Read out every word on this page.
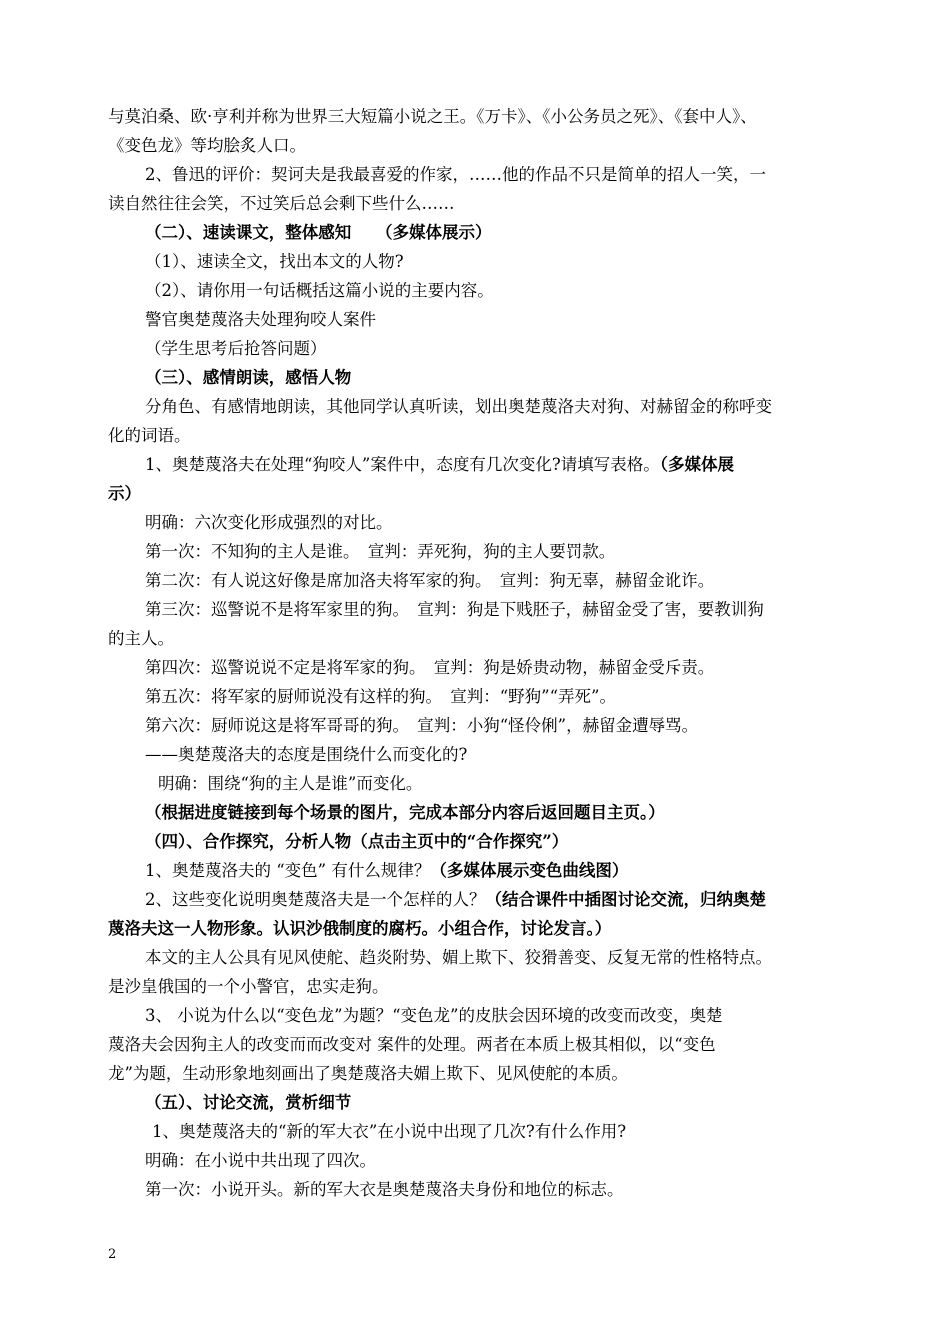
与莫泊桑、欧·亨利并称为世界三大短篇小说之王。《万卡》、《小公务员之死》、《套中人》、
《变色龙》等均脍炙人口。
2、鲁迅的评价：契诃夫是我最喜爱的作家，……他的作品不只是简单的招人一笑，一
读自然往往会笑，不过笑后总会剩下些什么……
（二）、速读课文，整体感知　　（多媒体展示）
（1）、速读全文，找出本文的人物?
（2）、请你用一句话概括这篇小说的主要内容。
警官奥楚蔑洛夫处理狗咬人案件
（学生思考后抢答问题）
（三）、感情朗读，感悟人物
分角色、有感情地朗读，其他同学认真听读，划出奥楚蔑洛夫对狗、对赫留金的称呼变
化的词语。
1、奥楚蔑洛夫在处理“狗咬人”案件中，态度有几次变化?请填写表格。（多媒体展
示）
明确：六次变化形成强烈的对比。
第一次：不知狗的主人是谁。　宣判：弄死狗，狗的主人要罚款。
第二次：有人说这好像是席加洛夫将军家的狗。　宣判：狗无辜，赫留金讹诈。
第三次：巡警说不是将军家里的狗。　宣判：狗是下贱胚子，赫留金受了害，要教训狗
的主人。
第四次：巡警说说不定是将军家的狗。　宣判：狗是娇贵动物，赫留金受斥责。
第五次：将军家的厨师说没有这样的狗。　宣判：“野狗”“弄死”。
第六次：厨师说这是将军哥哥的狗。　宣判：小狗“怪伶俐”，赫留金遭辱骂。
——奥楚蔑洛夫的态度是围绕什么而变化的?
明确：围绕“狗的主人是谁”而变化。
（根据进度链接到每个场景的图片，完成本部分内容后返回题目主页。）
（四）、合作探究，分析人物（点击主页中的“合作探究”）
1、奥楚蔑洛夫的 “变色” 有什么规律？（多媒体展示变色曲线图）
2、这些变化说明奥楚蔑洛夫是一个怎样的人？（结合课件中插图讨论交流，归纳奥楚
蔑洛夫这一人物形象。认识沙俄制度的腐朽。小组合作，讨论发言。）
本文的主人公具有见风使舵、趋炎附势、媚上欺下、狡猾善变、反复无常的性格特点。
是沙皇俄国的一个小警官，忠实走狗。
3、 小说为什么以“变色龙”为题？“变色龙”的皮肤会因环境的改变而改变，奥楚
蔑洛夫会因狗主人的改变而而改变对 案件的处理。两者在本质上极其相似，以“变色
龙”为题，生动形象地刻画出了奥楚蔑洛夫媚上欺下、见风使舵的本质。
（五）、讨论交流，赏析细节
1、奥楚蔑洛夫的“新的军大衣”在小说中出现了几次?有什么作用?
明确：在小说中共出现了四次。
第一次：小说开头。新的军大衣是奥楚蔑洛夫身份和地位的标志。
2
